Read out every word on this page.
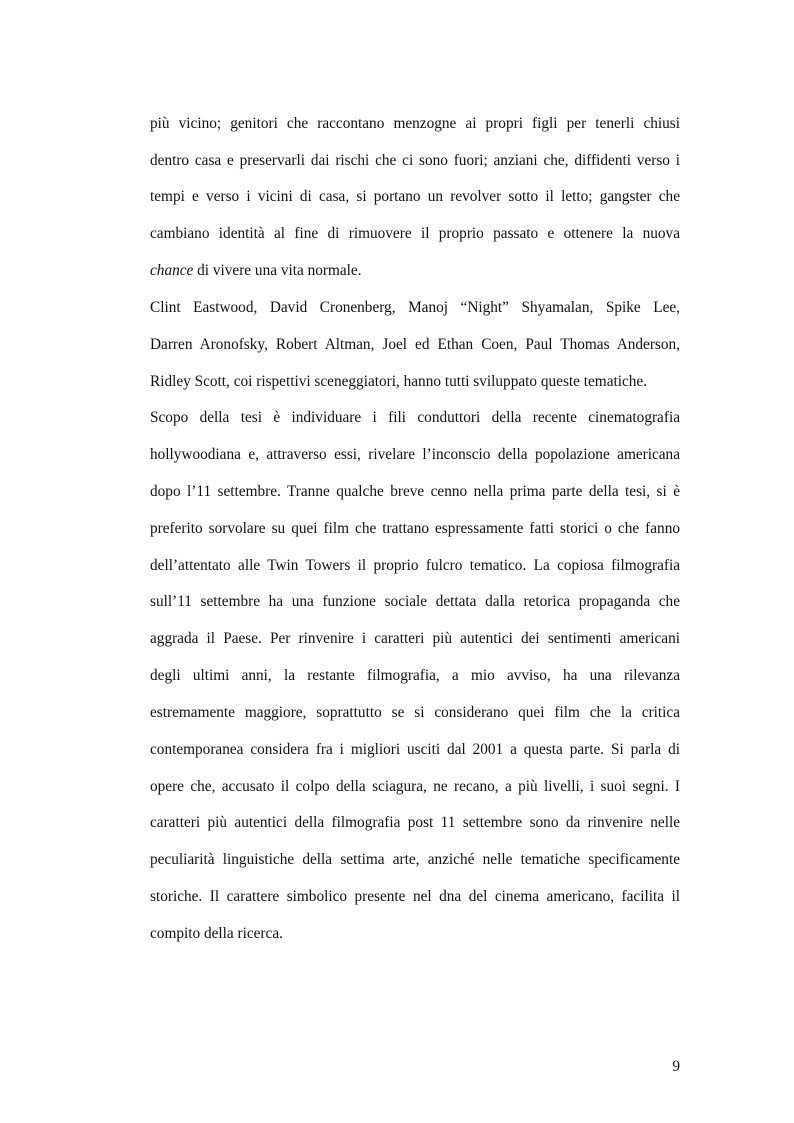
più vicino; genitori che raccontano menzogne ai propri figli per tenerli chiusi

dentro casa e preservarli dai rischi che ci sono fuori; anziani che, diffidenti verso i

tempi e verso i vicini di casa, si portano un revolver sotto il letto; gangster che

cambiano identità al fine di rimuovere il proprio passato e ottenere la nuova

chance di vivere una vita normale.

Clint Eastwood, David Cronenberg, Manoj “Night” Shyamalan, Spike Lee,

Darren Aronofsky, Robert Altman, Joel ed Ethan Coen, Paul Thomas Anderson,

Ridley Scott, coi rispettivi sceneggiatori, hanno tutti sviluppato queste tematiche.

Scopo della tesi è individuare i fili conduttori della recente cinematografia

hollywoodiana e, attraverso essi, rivelare l’inconscio della popolazione americana

dopo l’11 settembre. Tranne qualche breve cenno nella prima parte della tesi, si è

preferito sorvolare su quei film che trattano espressamente fatti storici o che fanno

dell’attentato alle Twin Towers il proprio fulcro tematico. La copiosa filmografia

sull’11 settembre ha una funzione sociale dettata dalla retorica propaganda che

aggrada il Paese. Per rinvenire i caratteri più autentici dei sentimenti americani

degli ultimi anni, la restante filmografia, a mio avviso, ha una rilevanza

estremamente maggiore, soprattutto se si considerano quei film che la critica

contemporanea considera fra i migliori usciti dal 2001 a questa parte. Si parla di

opere che, accusato il colpo della sciagura, ne recano, a più livelli, i suoi segni. I

caratteri più autentici della filmografia post 11 settembre sono da rinvenire nelle

peculiarità linguistiche della settima arte, anziché nelle tematiche specificamente

storiche. Il carattere simbolico presente nel dna del cinema americano, facilita il

compito della ricerca.

9
